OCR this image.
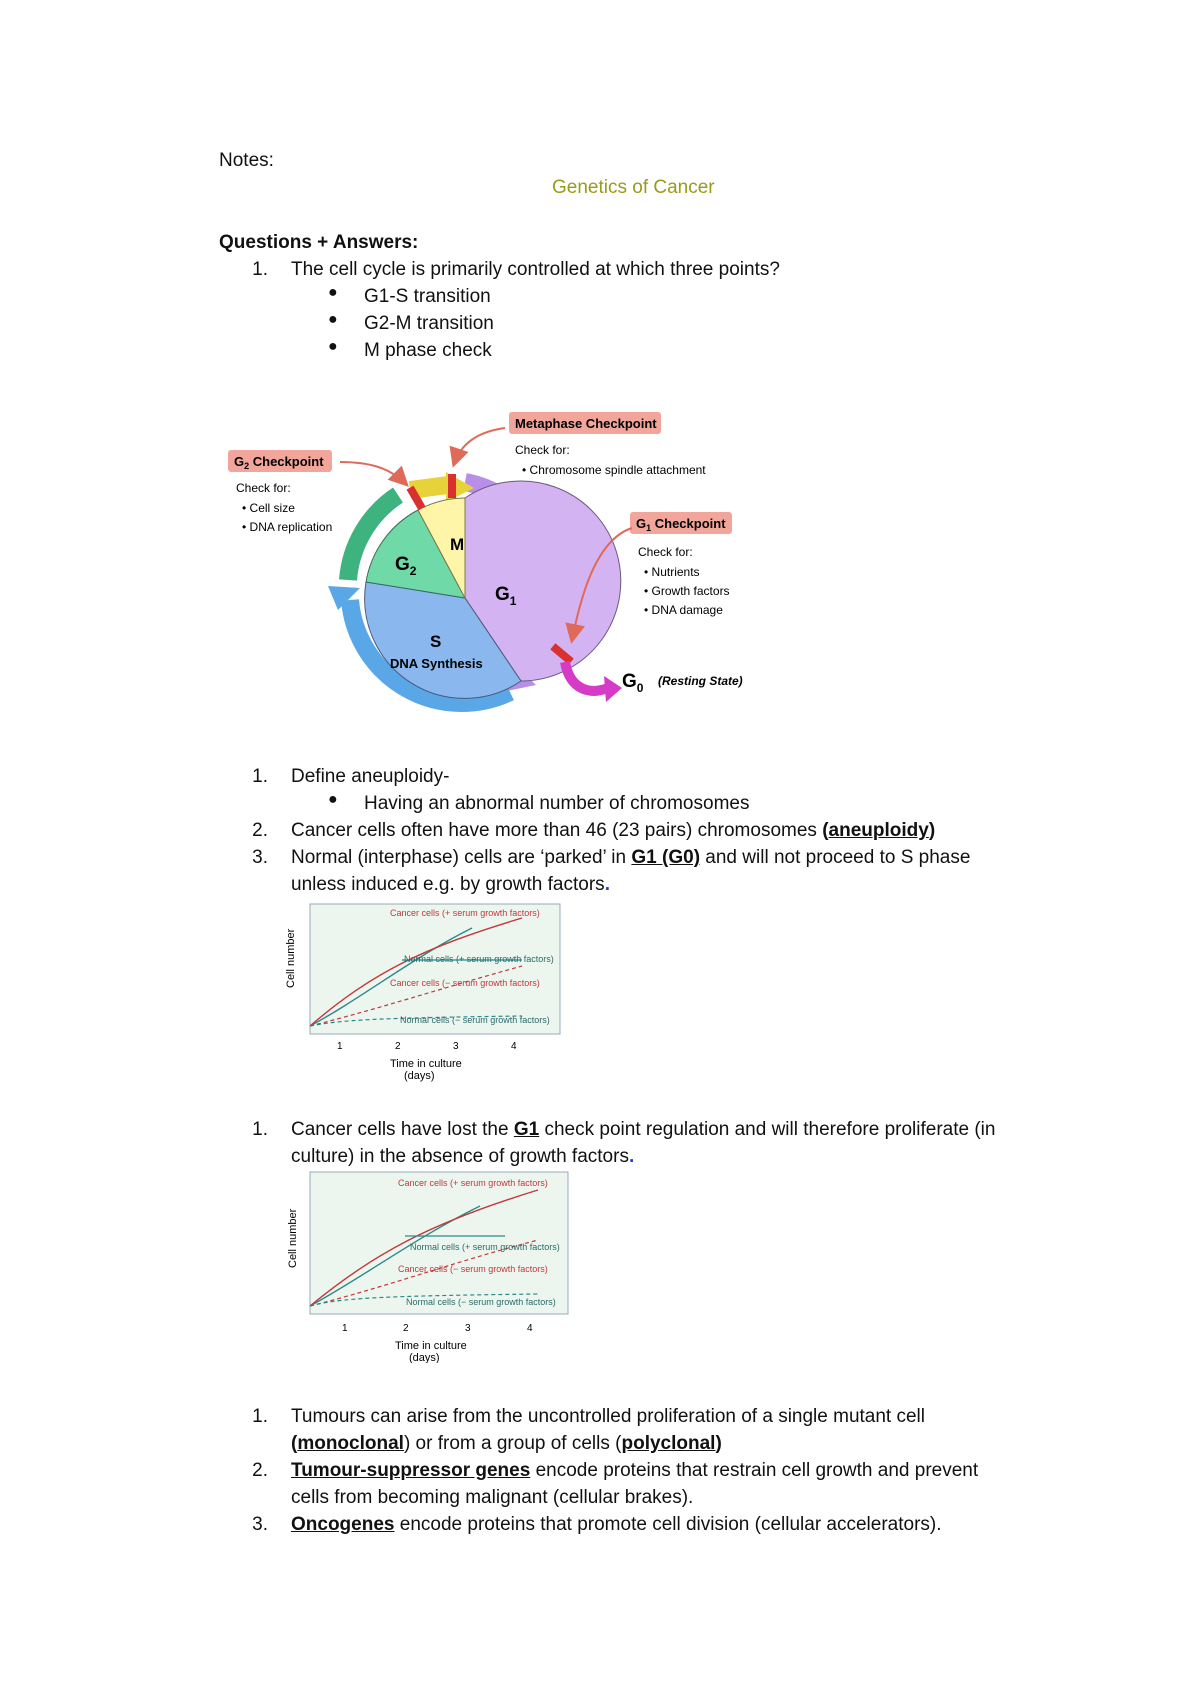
Notes:
Genetics of Cancer
Questions + Answers:
1. The cell cycle is primarily controlled at which three points?
● G1-S transition
● G2-M transition
● M phase check
M
$G_2$
$G_1$
S
DNA Synthesis
Metaphase Checkpoint
Check for:
• Chromosome spindle attachment
$G_2$ Checkpoint
Check for:
• Cell size
• DNA replication	$G_1$ Checkpoint
Check for:
• Nutrients
• Growth factors
• DNA damage
$G_0$ (Resting State)
1. Define aneuploidy-
● Having an abnormal number of chromosomes
2. Cancer cells often have more than 46 (23 pairs) chromosomes (aneuploidy)
3. Normal (interphase) cells are ‘parked’ in G1 (G0) and will not proceed to S phase
unless induced e.g. by growth factors.
Cancer cells (+ serum growth factors)
Normal cells (+ serum growth factors)
Cancer cells (− serum growth factors)
Normal cells (− serum growth factors)
Cell number
1	2	3	4
Time in culture (days)
1. Cancer cells have lost the G1 check point regulation and will therefore proliferate (in
culture) in the absence of growth factors.
Cancer cells (+ serum growth factors)
Normal cells (+ serum growth factors)
Cancer cells (− serum growth factors)
Normal cells (− serum growth factors)
Cell number
1	2	3	4
Time in culture (days)
1. Tumours can arise from the uncontrolled proliferation of a single mutant cell
(monoclonal) or from a group of cells (polyclonal)
2. Tumour-suppressor genes encode proteins that restrain cell growth and prevent
cells from becoming malignant (cellular brakes).
3. Oncogenes encode proteins that promote cell division (cellular accelerators).
